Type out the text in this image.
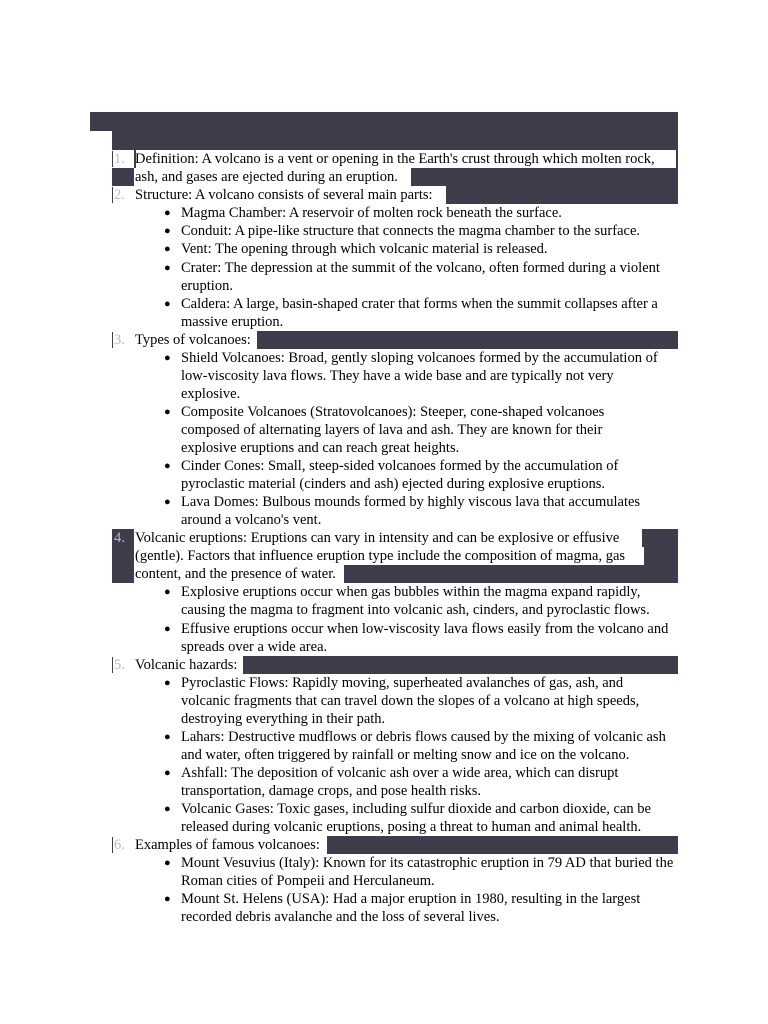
1. Definition: A volcano is a vent or opening in the Earth's crust through which molten rock,
ash, and gases are ejected during an eruption.
2. Structure: A volcano consists of several main parts:
● Magma Chamber: A reservoir of molten rock beneath the surface.
● Conduit: A pipe-like structure that connects the magma chamber to the surface.
● Vent: The opening through which volcanic material is released.
● Crater: The depression at the summit of the volcano, often formed during a violent eruption.
● Caldera: A large, basin-shaped crater that forms when the summit collapses after a massive eruption.
3. Types of volcanoes:
● Shield Volcanoes: Broad, gently sloping volcanoes formed by the accumulation of low-viscosity lava flows. They have a wide base and are typically not very explosive.
● Composite Volcanoes (Stratovolcanoes): Steeper, cone-shaped volcanoes composed of alternating layers of lava and ash. They are known for their explosive eruptions and can reach great heights.
● Cinder Cones: Small, steep-sided volcanoes formed by the accumulation of pyroclastic material (cinders and ash) ejected during explosive eruptions.
● Lava Domes: Bulbous mounds formed by highly viscous lava that accumulates around a volcano's vent.
4. Volcanic eruptions: Eruptions can vary in intensity and can be explosive or effusive
(gentle). Factors that influence eruption type include the composition of magma, gas
content, and the presence of water.
● Explosive eruptions occur when gas bubbles within the magma expand rapidly, causing the magma to fragment into volcanic ash, cinders, and pyroclastic flows.
● Effusive eruptions occur when low-viscosity lava flows easily from the volcano and spreads over a wide area.
5. Volcanic hazards:
● Pyroclastic Flows: Rapidly moving, superheated avalanches of gas, ash, and volcanic fragments that can travel down the slopes of a volcano at high speeds, destroying everything in their path.
● Lahars: Destructive mudflows or debris flows caused by the mixing of volcanic ash and water, often triggered by rainfall or melting snow and ice on the volcano.
● Ashfall: The deposition of volcanic ash over a wide area, which can disrupt transportation, damage crops, and pose health risks.
● Volcanic Gases: Toxic gases, including sulfur dioxide and carbon dioxide, can be released during volcanic eruptions, posing a threat to human and animal health.
6. Examples of famous volcanoes:
● Mount Vesuvius (Italy): Known for its catastrophic eruption in 79 AD that buried the Roman cities of Pompeii and Herculaneum.
● Mount St. Helens (USA): Had a major eruption in 1980, resulting in the largest recorded debris avalanche and the loss of several lives.
